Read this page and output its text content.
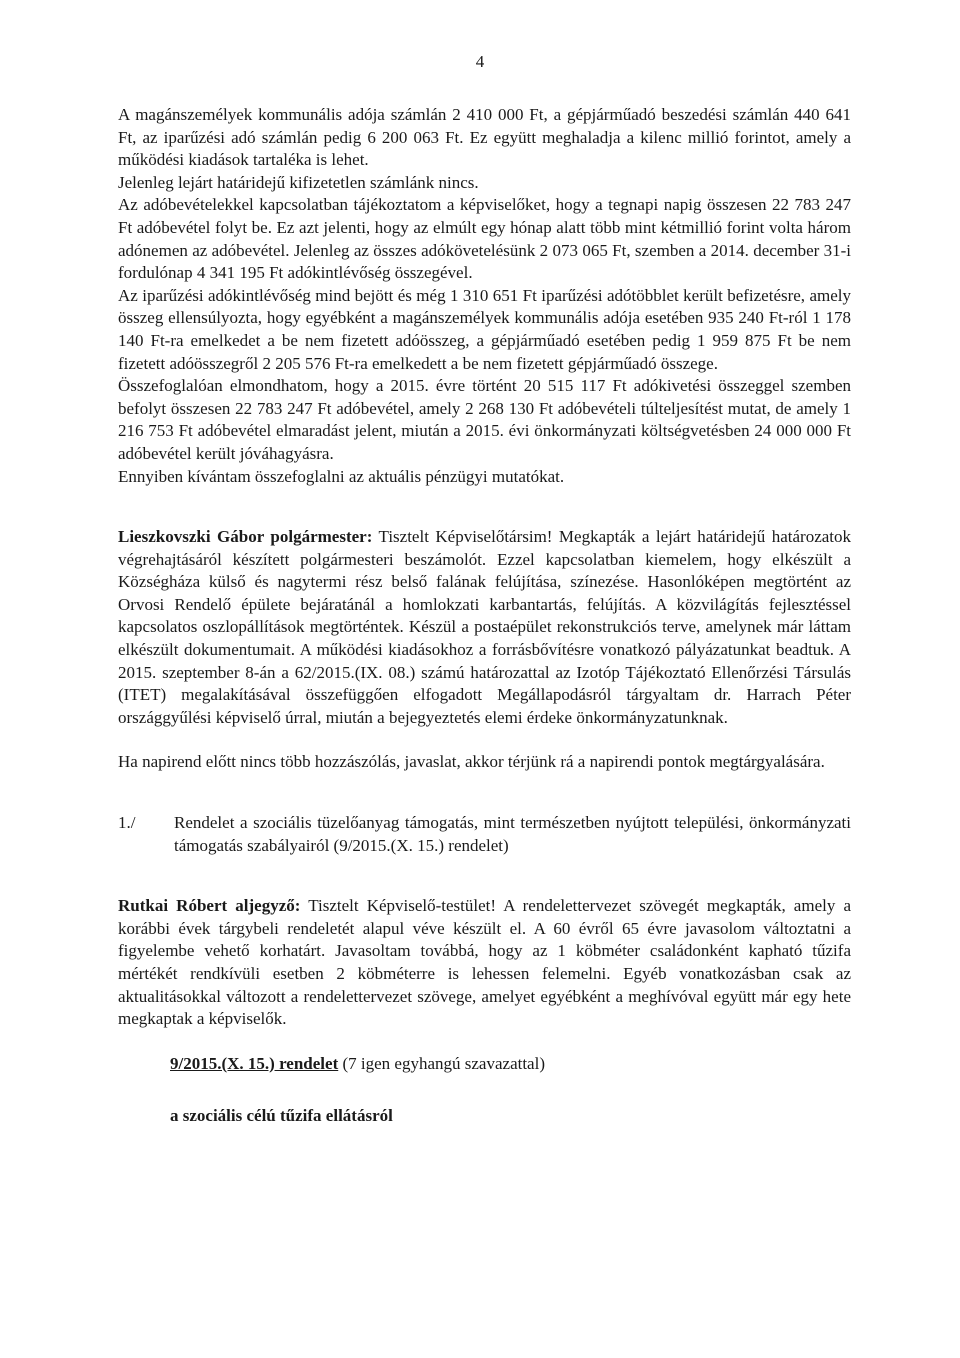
4

A magánszemélyek kommunális adója számlán 2 410 000 Ft, a gépjárműadó beszedési számlán 440 641 Ft, az iparűzési adó számlán pedig 6 200 063 Ft. Ez együtt meghaladja a kilenc millió forintot, amely a működési kiadások tartaléka is lehet.

Jelenleg lejárt határidejű kifizetetlen számlánk nincs.

Az adóbevételekkel kapcsolatban tájékoztatom a képviselőket, hogy a tegnapi napig összesen 22 783 247 Ft adóbevétel folyt be. Ez azt jelenti, hogy az elmúlt egy hónap alatt több mint kétmillió forint volta három adónemen az adóbevétel. Jelenleg az összes adókövetelésünk 2 073 065 Ft, szemben a 2014. december 31-i fordulónap 4 341 195 Ft adókintlévőség összegével.

Az iparűzési adókintlévőség mind bejött és még 1 310 651 Ft iparűzési adótöbblet került befizetésre, amely összeg ellensúlyozta, hogy egyébként a magánszemélyek kommunális adója esetében 935 240 Ft-ról 1 178 140 Ft-ra emelkedet a be nem fizetett adóösszeg, a gépjárműadó esetében pedig 1 959 875 Ft be nem fizetett adóösszegről 2 205 576 Ft-ra emelkedett a be nem fizetett gépjárműadó összege.

Összefoglalóan elmondhatom, hogy a 2015. évre történt 20 515 117 Ft adókivetési összeggel szemben befolyt összesen 22 783 247 Ft adóbevétel, amely 2 268 130 Ft adóbevételi túlteljesítést mutat, de amely 1 216 753 Ft adóbevétel elmaradást jelent, miután a 2015. évi önkormányzati költségvetésben 24 000 000 Ft adóbevétel került jóváhagyásra.

Ennyiben kívántam összefoglalni az aktuális pénzügyi mutatókat.

Lieszkovszki Gábor polgármester: Tisztelt Képviselőtársim! Megkapták a lejárt határidejű határozatok végrehajtásáról készített polgármesteri beszámolót. Ezzel kapcsolatban kiemelem, hogy elkészült a Községháza külső és nagytermi rész belső falának felújítása, színezése. Hasonlóképen megtörtént az Orvosi Rendelő épülete bejáratánál a homlokzati karbantartás, felújítás. A közvilágítás fejlesztéssel kapcsolatos oszlopállítások megtörténtek. Készül a postaépület rekonstrukciós terve, amelynek már láttam elkészült dokumentumait. A működési kiadásokhoz a forrásbővítésre vonatkozó pályázatunkat beadtuk. A 2015. szeptember 8-án a 62/2015.(IX. 08.) számú határozattal az Izotóp Tájékoztató Ellenőrzési Társulás (ITET) megalakításával összefüggően elfogadott Megállapodásról tárgyaltam dr. Harrach Péter országgyűlési képviselő úrral, miután a bejegyeztetés elemi érdeke önkormányzatunknak.

Ha napirend előtt nincs több hozzászólás, javaslat, akkor térjünk rá a napirendi pontok megtárgyalására.

1./	Rendelet a szociális tüzelőanyag támogatás, mint természetben nyújtott települési, önkormányzati támogatás szabályairól (9/2015.(X. 15.) rendelet)

Rutkai Róbert aljegyző: Tisztelt Képviselő-testület! A rendelettervezet szövegét megkapták, amely a korábbi évek tárgybeli rendeletét alapul véve készült el. A 60 évről 65 évre javasolom változtatni a figyelembe vehető korhatárt. Javasoltam továbbá, hogy az 1 köbméter családonként kapható tűzifa mértékét rendkívüli esetben 2 köbméterre is lehessen felemelni. Egyéb vonatkozásban csak az aktualitásokkal változott a rendelettervezet szövege, amelyet egyébként a meghívóval együtt már egy hete megkaptak a képviselők.

9/2015.(X. 15.) rendelet (7 igen egyhangú szavazattal)

a szociális célú tűzifa ellátásról
